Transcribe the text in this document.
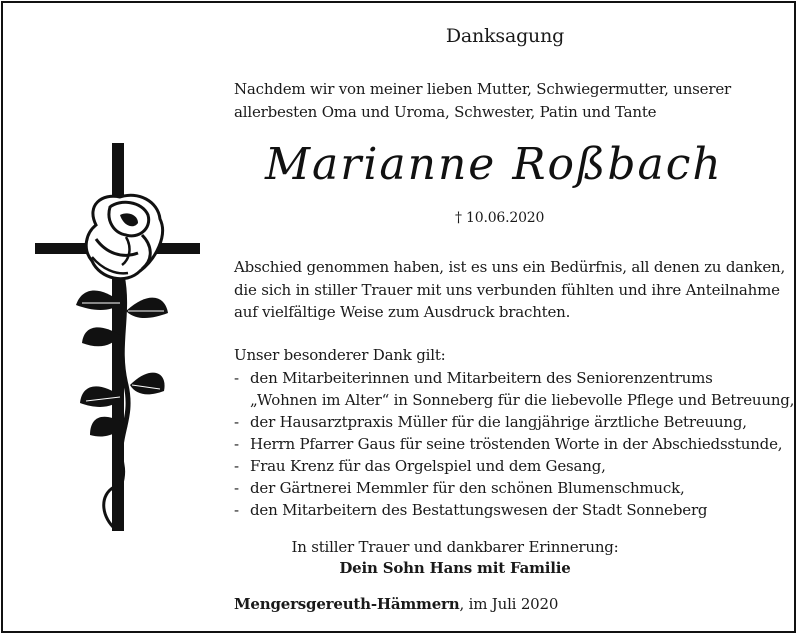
Danksagung
Nachdem wir von meiner lieben Mutter, Schwiegermutter, unserer
allerbesten Oma und Uroma, Schwester, Patin und Tante
Marianne Roßbach
† 10.06.2020
Abschied genommen haben, ist es uns ein Bedürfnis, all denen zu danken,
die sich in stiller Trauer mit uns verbunden fühlten und ihre Anteilnahme
auf vielfältige Weise zum Ausdruck brachten.
Unser besonderer Dank gilt:
- den Mitarbeiterinnen und Mitarbeitern des Seniorenzentrums
„Wohnen im Alter“ in Sonneberg für die liebevolle Pflege und Betreuung,
- der Hausarztpraxis Müller für die langjährige ärztliche Betreuung,
- Herrn Pfarrer Gaus für seine tröstenden Worte in der Abschiedsstunde,
- Frau Krenz für das Orgelspiel und dem Gesang,
- der Gärtnerei Memmler für den schönen Blumenschmuck,
- den Mitarbeitern des Bestattungswesen der Stadt Sonneberg
In stiller Trauer und dankbarer Erinnerung:
Dein Sohn Hans mit Familie
Mengersgereuth-Hämmern, im Juli 2020
